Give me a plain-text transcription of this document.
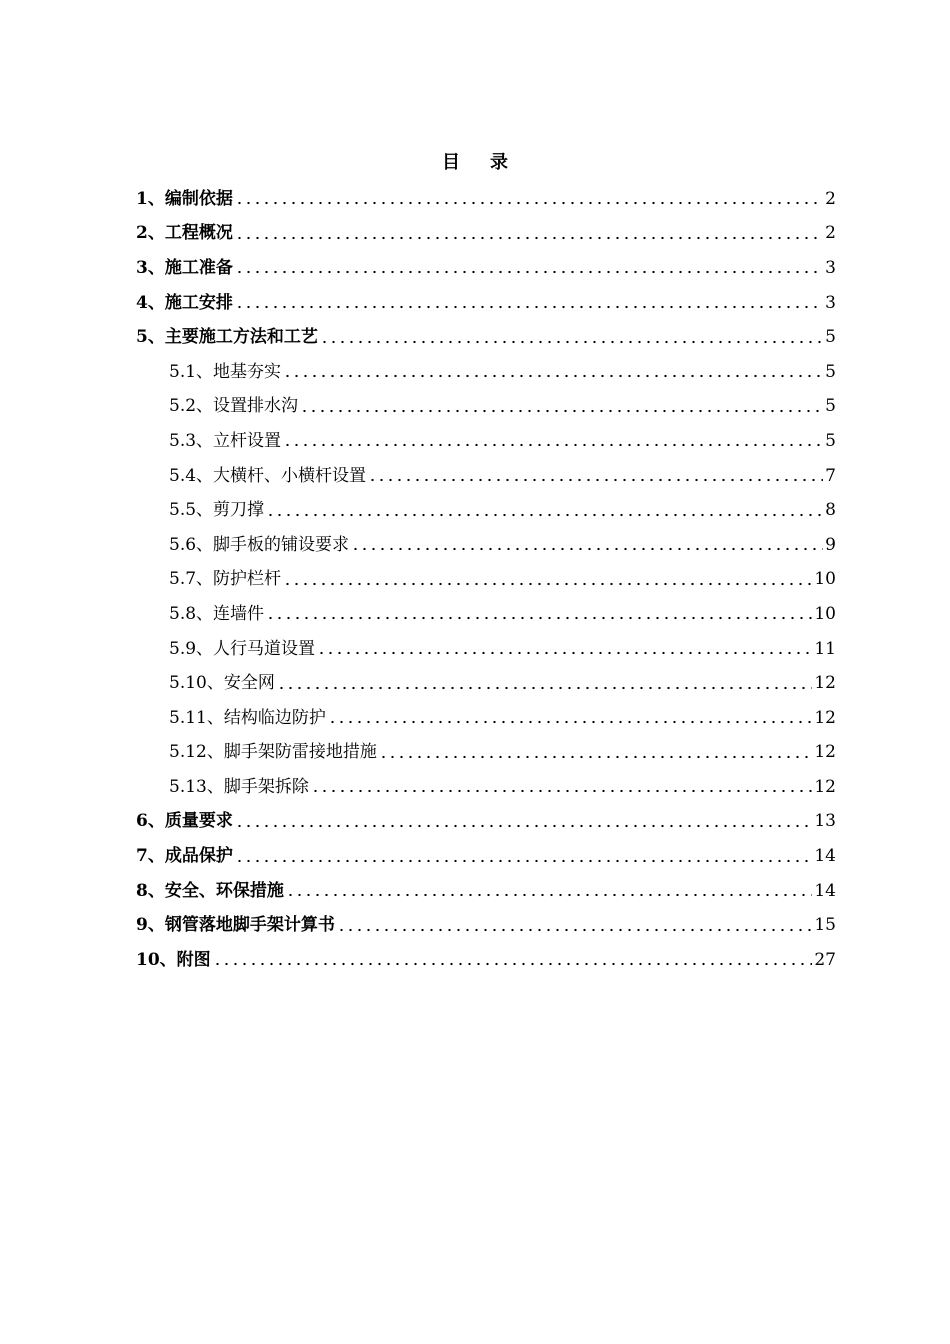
目 录
1、编制依据	2
2、工程概况	2
3、施工准备	3
4、施工安排	3
5、主要施工方法和工艺	5
5.1、地基夯实	5
5.2、设置排水沟	5
5.3、立杆设置	5
5.4、大横杆、小横杆设置	7
5.5、剪刀撑	8
5.6、脚手板的铺设要求	9
5.7、防护栏杆	10
5.8、连墙件	10
5.9、人行马道设置	11
5.10、安全网	12
5.11、结构临边防护	12
5.12、脚手架防雷接地措施	12
5.13、脚手架拆除	12
6、质量要求	13
7、成品保护	14
8、安全、环保措施	14
9、钢管落地脚手架计算书	15
10、附图	27
